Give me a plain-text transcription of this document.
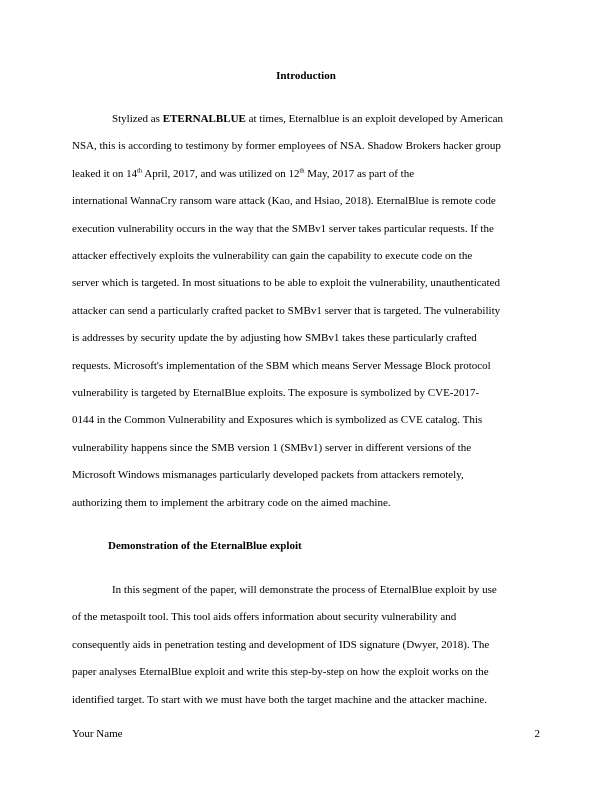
Introduction
Stylized as ETERNALBLUE at times, Eternalblue is an exploit developed by American
NSA, this is according to testimony by former employees of NSA. Shadow Brokers hacker group
leaked it on 14th April, 2017, and was utilized on 12th May, 2017 as part of the
international WannaCry ransom ware attack (Kao, and Hsiao, 2018). EternalBlue is remote code
execution vulnerability occurs in the way that the SMBv1 server takes particular requests. If the
attacker effectively exploits the vulnerability can gain the capability to execute code on the
server which is targeted. In most situations to be able to exploit the vulnerability, unauthenticated
attacker can send a particularly crafted packet to SMBv1 server that is targeted. The vulnerability
is addresses by security update the by adjusting how SMBv1 takes these particularly crafted
requests. Microsoft's implementation of the SBM which means Server Message Block protocol
vulnerability is targeted by EternalBlue exploits. The exposure is symbolized by CVE-2017-
0144 in the Common Vulnerability and Exposures which is symbolized as CVE catalog. This
vulnerability happens since the SMB version 1 (SMBv1) server in different versions of the
Microsoft Windows mismanages particularly developed packets from attackers remotely,
authorizing them to implement the arbitrary code on the aimed machine.
Demonstration of the EternalBlue exploit
In this segment of the paper, will demonstrate the process of EternalBlue exploit by use
of the metaspoilt tool. This tool aids offers information about security vulnerability and
consequently aids in penetration testing and development of IDS signature (Dwyer, 2018). The
paper analyses EternalBlue exploit and write this step-by-step on how the exploit works on the
identified target. To start with we must have both the target machine and the attacker machine.
Your Name	2
